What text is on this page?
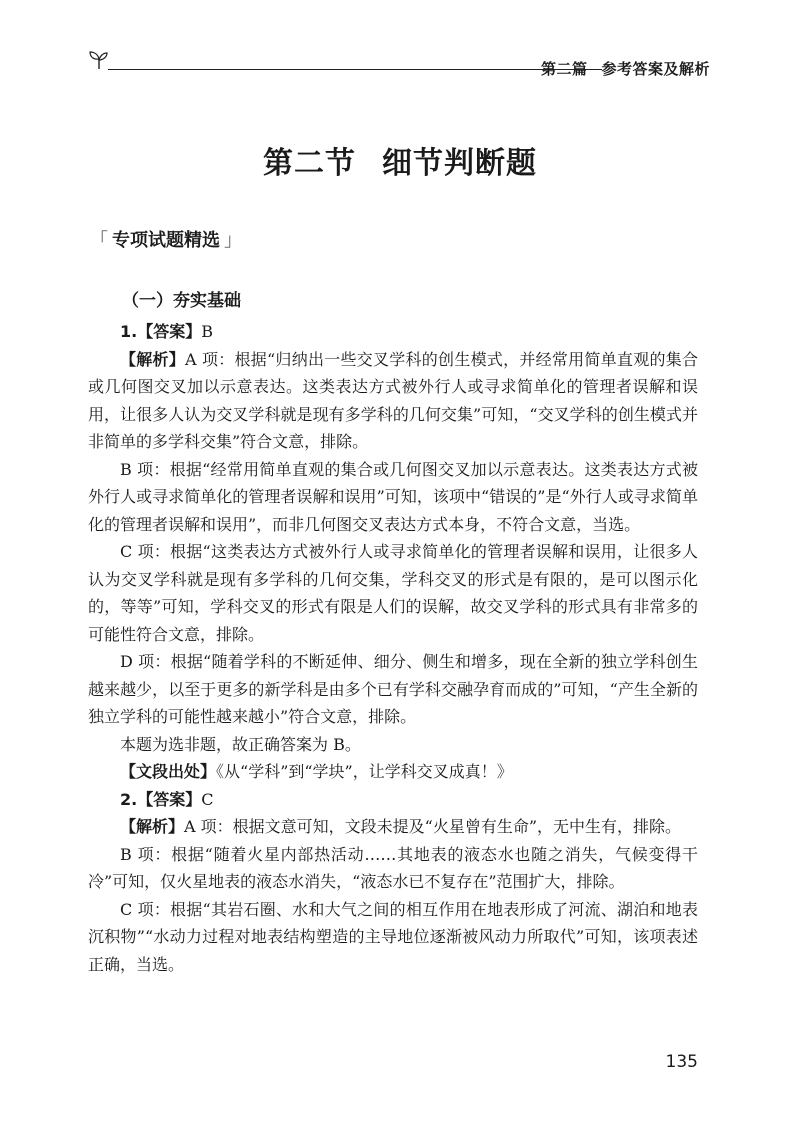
第二篇 参考答案及解析
第二节 细节判断题
「 专项试题精选 」
（一）夯实基础

1.【答案】B

【解析】A 项：根据“归纳出一些交叉学科的创生模式，并经常用简单直观的集合或几何图交叉加以示意表达。这类表达方式被外行人或寻求简单化的管理者误解和误用，让很多人认为交叉学科就是现有多学科的几何交集”可知，“交叉学科的创生模式并非简单的多学科交集”符合文意，排除。

B 项：根据“经常用简单直观的集合或几何图交叉加以示意表达。这类表达方式被外行人或寻求简单化的管理者误解和误用”可知，该项中“错误的”是“外行人或寻求简单化的管理者误解和误用”，而非几何图交叉表达方式本身，不符合文意，当选。

C 项：根据“这类表达方式被外行人或寻求简单化的管理者误解和误用，让很多人认为交叉学科就是现有多学科的几何交集，学科交叉的形式是有限的，是可以图示化的，等等”可知，学科交叉的形式有限是人们的误解，故交叉学科的形式具有非常多的可能性符合文意，排除。

D 项：根据“随着学科的不断延伸、细分、侧生和增多，现在全新的独立学科创生越来越少，以至于更多的新学科是由多个已有学科交融孕育而成的”可知，“产生全新的独立学科的可能性越来越小”符合文意，排除。

本题为选非题，故正确答案为 B。

【文段出处】《从“学科”到“学块”，让学科交叉成真！》

2.【答案】C

【解析】A 项：根据文意可知，文段未提及“火星曾有生命”，无中生有，排除。

B 项：根据“随着火星内部热活动……其地表的液态水也随之消失，气候变得干冷”可知，仅火星地表的液态水消失，“液态水已不复存在”范围扩大，排除。

C 项：根据“其岩石圈、水和大气之间的相互作用在地表形成了河流、湖泊和地表沉积物”“水动力过程对地表结构塑造的主导地位逐渐被风动力所取代”可知，该项表述正确，当选。

135
